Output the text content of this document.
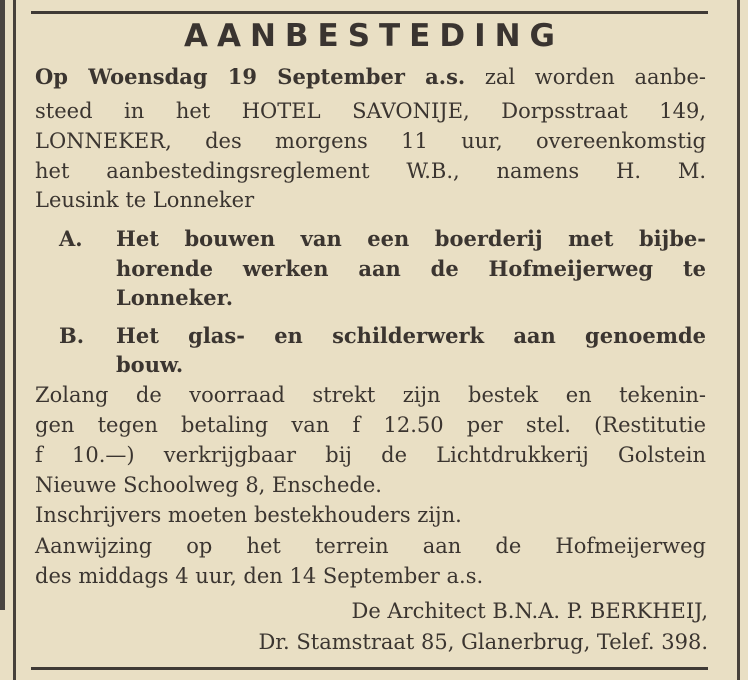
AANBESTEDING
Op Woensdag 19 September a.s. zal worden aanbe-
steed in het HOTEL SAVONIJE, Dorpsstraat 149,
LONNEKER, des morgens 11 uur, overeenkomstig
het aanbestedingsreglement W.B., namens H. M.
Leusink te Lonneker
A. Het bouwen van een boerderij met bijbe-
horende werken aan de Hofmeijerweg te
Lonneker.
B. Het glas- en schilderwerk aan genoemde
bouw.
Zolang de voorraad strekt zijn bestek en tekenin-
gen tegen betaling van f 12.50 per stel. (Restitutie
f 10.—) verkrijgbaar bij de Lichtdrukkerij Golstein
Nieuwe Schoolweg 8, Enschede.
Inschrijvers moeten bestekhouders zijn.
Aanwijzing op het terrein aan de Hofmeijerweg
des middags 4 uur, den 14 September a.s.
De Architect B.N.A. P. BERKHEIJ,
Dr. Stamstraat 85, Glanerbrug, Telef. 398.
